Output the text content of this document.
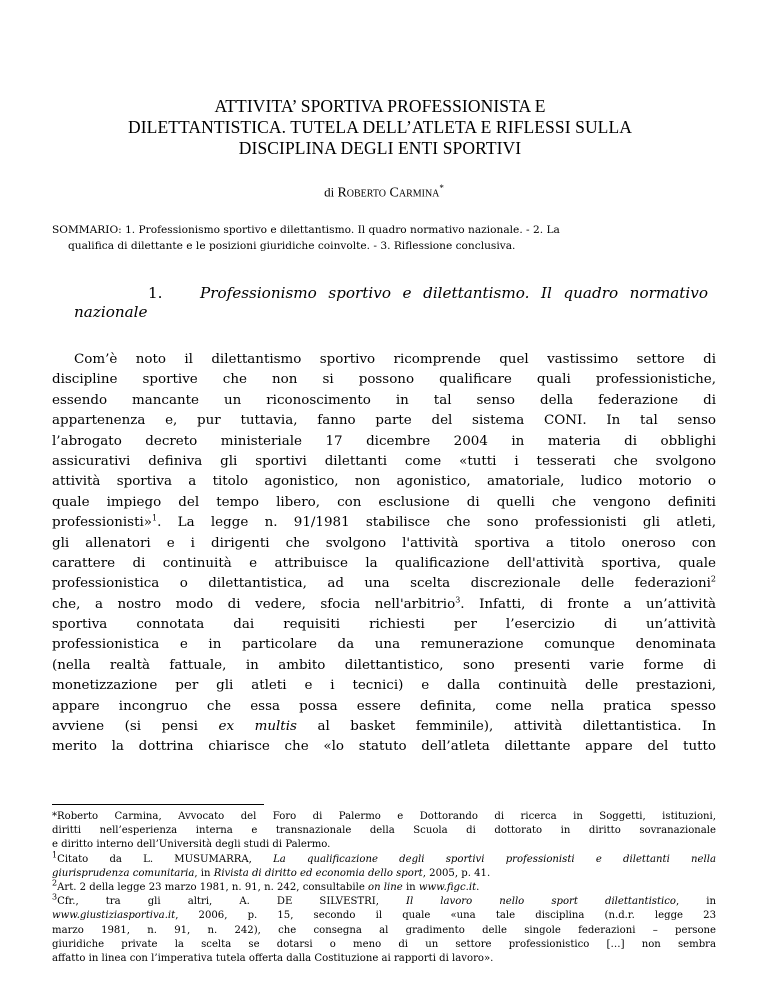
ATTIVITA’ SPORTIVA PROFESSIONISTA E
DILETTANTISTICA. TUTELA DELL’ATLETA E RIFLESSI SULLA
DISCIPLINA DEGLI ENTI SPORTIVI
di Roberto Carmina*
SOMMARIO: 1. Professionismo sportivo e dilettantismo. Il quadro normativo nazionale. - 2. La
qualifica di dilettante e le posizioni giuridiche coinvolte. - 3. Riflessione conclusiva.
1. Professionismo sportivo e dilettantismo. Il quadro normativo
nazionale
Com’è noto il dilettantismo sportivo ricomprende quel vastissimo settore di
discipline sportive che non si possono qualificare quali professionistiche,
essendo mancante un riconoscimento in tal senso della federazione di
appartenenza e, pur tuttavia, fanno parte del sistema CONI. In tal senso
l’abrogato decreto ministeriale 17 dicembre 2004 in materia di obblighi
assicurativi definiva gli sportivi dilettanti come «tutti i tesserati che svolgono
attività sportiva a titolo agonistico, non agonistico, amatoriale, ludico motorio o
quale impiego del tempo libero, con esclusione di quelli che vengono definiti
professionisti»$^1$. La legge n. 91/1981 stabilisce che sono professionisti gli atleti,
gli allenatori e i dirigenti che svolgono l'attività sportiva a titolo oneroso con
carattere di continuità e attribuisce la qualificazione dell'attività sportiva, quale
professionistica o dilettantistica, ad una scelta discrezionale delle federazioni$^2$
che, a nostro modo di vedere, sfocia nell'arbitrio$^3$. Infatti, di fronte a un’attività
sportiva connotata dai requisiti richiesti per l’esercizio di un’attività
professionistica e in particolare da una remunerazione comunque denominata
(nella realtà fattuale, in ambito dilettantistico, sono presenti varie forme di
monetizzazione per gli atleti e i tecnici) e dalla continuità delle prestazioni,
appare incongruo che essa possa essere definita, come nella pratica spesso
avviene (si pensi ex multis al basket femminile), attività dilettantistica. In
merito la dottrina chiarisce che «lo statuto dell’atleta dilettante appare del tutto
*Roberto Carmina, Avvocato del Foro di Palermo e Dottorando di ricerca in Soggetti, istituzioni,
diritti nell’esperienza interna e transnazionale della Scuola di dottorato in diritto sovranazionale
e diritto interno dell’Università degli studi di Palermo.
$^1$Citato da L. MUSUMARRA, La qualificazione degli sportivi professionisti e dilettanti nella
giurisprudenza comunitaria, in Rivista di diritto ed economia dello sport, 2005, p. 41.
$^2$Art. 2 della legge 23 marzo 1981, n. 91, n. 242, consultabile on line in www.figc.it.
$^3$Cfr., tra gli altri, A. DE SILVESTRI, Il lavoro nello sport dilettantistico, in
www.giustiziasportiva.it, 2006, p. 15, secondo il quale «una tale disciplina (n.d.r. legge 23
marzo 1981, n. 91, n. 242), che consegna al gradimento delle singole federazioni – persone
giuridiche private la scelta se dotarsi o meno di un settore professionistico […] non sembra
affatto in linea con l’imperativa tutela offerta dalla Costituzione ai rapporti di lavoro».
